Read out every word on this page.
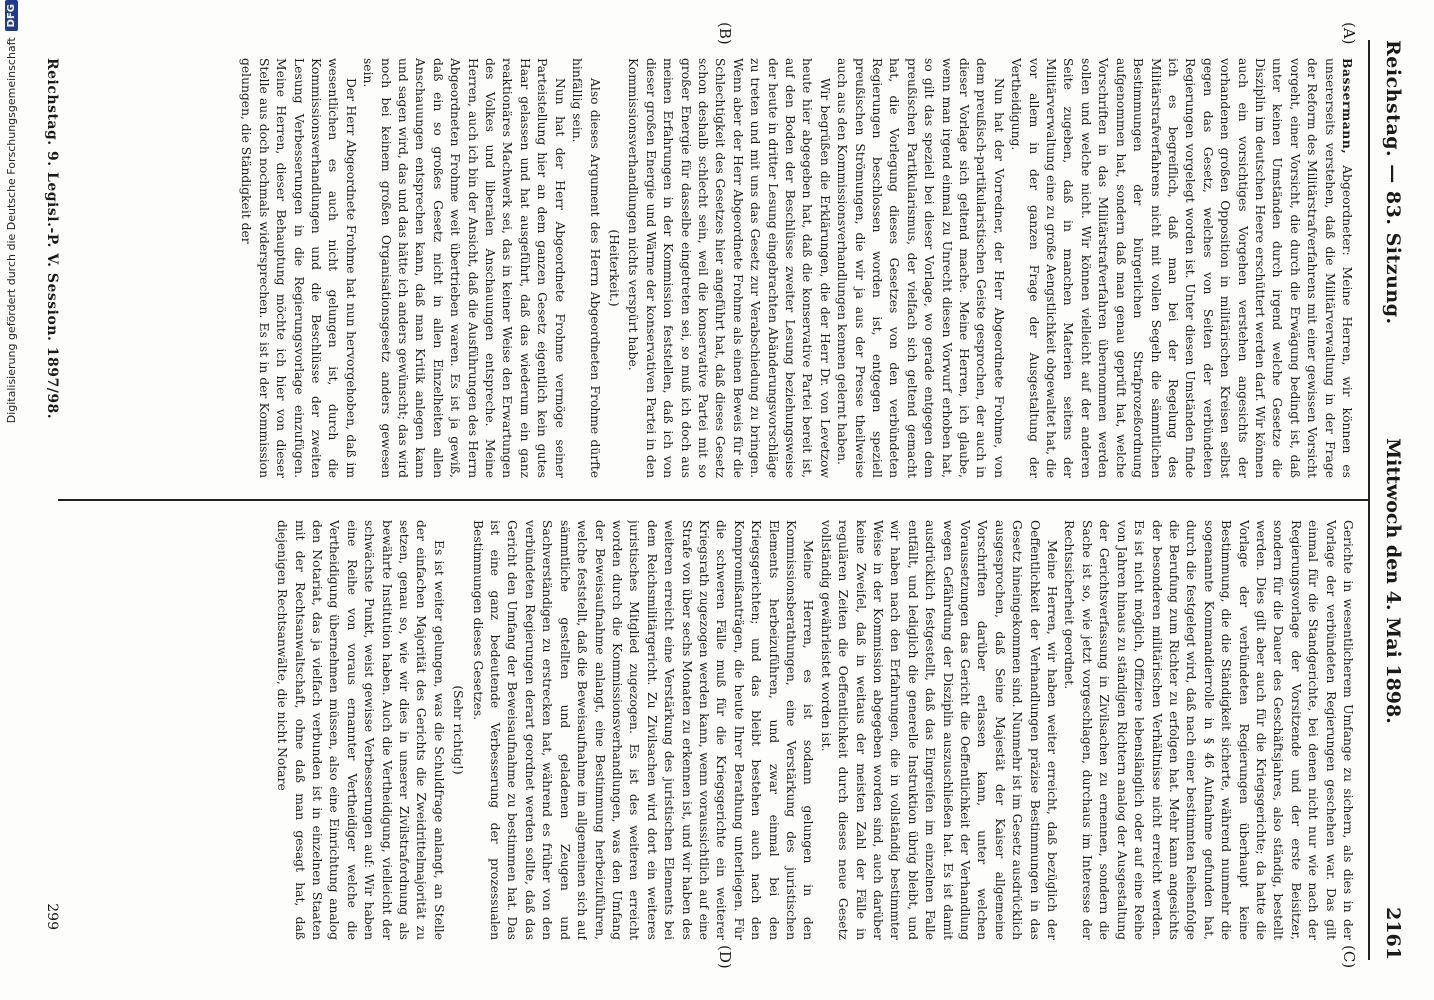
Reichstag. — 83. Sitzung.
Mittwoch den 4. Mai 1898.  2161
(A)
(B)
(C)
(D)

Bassermann, Abgeordneter: Meine Herren, wir können es unsererseits verstehen, daß die Militärverwaltung in der Frage der Reform des Militärstrafverfahrens mit einer gewissen Vorsicht vorgeht, einer Vorsicht, die durch die Erwägung bedingt ist, daß unter keinen Umständen durch irgend welche Gesetze die Disziplin im deutschen Heere erschüttert werden darf. Wir können auch ein vorsichtiges Vorgehen verstehen angesichts der vorhandenen großen Opposition in militärischen Kreisen selbst gegen das Gesetz, welches von Seiten der verbündeten Regierungen vorgelegt worden ist. Unter diesen Umständen finde ich es begreiflich, daß man bei der Regelung des Militärstrafverfahrens nicht mit vollen Segeln die sämmtlichen Bestimmungen der bürgerlichen Strafprozeßordnung aufgenommen hat, sondern daß man genau geprüft hat, welche Vorschriften in das Militärstrafverfahren übernommen werden sollen und welche nicht. Wir können vielleicht auf der anderen Seite zugeben, daß in manchen Materien seitens der Militärverwaltung eine zu große Aengstlichkeit obgewaltet hat, die vor allem in der ganzen Frage der Ausgestaltung der Vertheidigung.

Nun hat der Vorredner, der Herr Abgeordnete Frohme, von dem preußisch-partikularistischen Geiste gesprochen, der auch in dieser Vorlage sich geltend mache. Meine Herren, ich glaube, wenn man irgend einmal zu Unrecht diesen Vorwurf erhoben hat, so gilt das speziell bei dieser Vorlage, wo gerade entgegen dem preußischen Partikularismus, der vielfach sich geltend gemacht hat, die Vorlegung dieses Gesetzes von den verbündeten Regierungen beschlossen worden ist, entgegen speziell preußischen Strömungen, die wir ja aus der Presse theilweise auch aus den Kommissionsverhandlungen kennen gelernt haben.

Wir begrüßen die Erklärungen, die der Herr Dr. von Levetzow heute hier abgegeben hat, daß die konservative Partei bereit ist, auf den Boden der Beschlüsse zweiter Lesung beziehungsweise der heute in dritter Lesung eingebrachten Abänderungsvorschläge zu treten und mit uns das Gesetz zur Verabschiedung zu bringen. Wenn aber der Herr Abgeordnete Frohme als einen Beweis für die Schlechtigkeit des Gesetzes hier angeführt hat, daß dieses Gesetz schon deshalb schlecht sein, weil die konservative Partei mit so großer Energie für dasselbe eingetreten sei, so muß ich doch aus meinen Erfahrungen in der Kommission feststellen, daß ich von dieser großen Energie und Wärme der konservativen Partei in den Kommissionsverhandlungen nichts verspürt habe.

(Heiterkeit.)

Also dieses Argument des Herrn Abgeordneten Frohme dürfte hinfällig sein.

Nun hat der Herr Abgeordnete Frohme vermöge seiner Parteistellung hier an dem ganzen Gesetz eigentlich kein gutes Haar gelassen und hat ausgeführt, daß das wiederum ein ganz reaktionäres Machwerk sei, das in keiner Weise den Erwartungen des Volkes und liberalen Anschauungen entspreche. Meine Herren, auch ich bin der Ansicht, daß die Ausführungen des Herrn Abgeordneten Frohme weit übertrieben waren. Es ist ja gewiß, daß ein so großes Gesetz nicht in allen Einzelheiten allen Anschauungen entsprechen kann, daß man Kritik anlegen kann und sagen wird, das und das hätte ich anders gewünscht; das wird noch bei keinem großen Organisationsgesetz anders gewesen sein.

Der Herr Abgeordnete Frohme hat nun hervorgehoben, daß im wesentlichen es auch nicht gelungen ist, durch die Kommissionsverhandlungen und die Beschlüsse der zweiten Lesung Verbesserungen in die Regierungsvorlage einzufügen. Meine Herren, dieser Behauptung möchte ich hier von dieser Stelle aus doch nochmals widersprechen. Es ist in der Kommission gelungen, die Ständigkeit der

Gerichte in wesentlicherem Umfange zu sichern, als dies in der Vorlage der verbündeten Regierungen geschehen war. Das gilt einmal für die Standgerichte, bei denen nicht nur wie nach der Regierungsvorlage der Vorsitzende und der erste Beisitzer, sondern für die Dauer des Geschäftsjahres, also ständig, bestellt werden. Dies gilt aber auch für die Kriegsgerichte; da hatte die Vorlage der verbündeten Regierungen überhaupt keine Bestimmung, die die Ständigkeit sicherte, während nunmehr die sogenannte Kommandierrolle in § 46 Aufnahme gefunden hat, durch die festgelegt wird, daß nach einer bestimmten Reihenfolge die Berufung zum Richter zu erfolgen hat. Mehr kann angesichts der besonderen militärischen Verhältnisse nicht erreicht werden. Es ist nicht möglich, Offiziere lebenslänglich oder auf eine Reihe von Jahren hinaus zu ständigen Richtern analog der Ausgestaltung der Gerichtsverfassung in Zivilsachen zu ernennen, sondern die Sache ist so, wie jetzt vorgeschlagen, durchaus im Interesse der Rechtssicherheit geordnet.

Meine Herren, wir haben weiter erreicht, daß bezüglich der Oeffentlichkeit der Verhandlungen präzise Bestimmungen in das Gesetz hineingekommen sind. Nunmehr ist im Gesetz ausdrücklich ausgesprochen, daß Seine Majestät der Kaiser allgemeine Vorschriften darüber erlassen kann, unter welchen Voraussetzungen das Gericht die Oeffentlichkeit der Verhandlung wegen Gefährdung der Disziplin auszuschließen hat. Es ist damit ausdrücklich festgestellt, daß das Eingreifen im einzelnen Falle entfällt, und lediglich die generelle Instruktion übrig bleibt, und wir haben nach den Erfahrungen, die in vollständig bestimmter Weise in der Kommission abgegeben worden sind, auch darüber keine Zweifel, daß in weitaus der meisten Zahl der Fälle in regulären Zeiten die Oeffentlichkeit durch dieses neue Gesetz vollständig gewährleistet worden ist.

Meine Herren, es ist sodann gelungen in den Kommissionsberathungen, eine Verstärkung des juristischen Elements herbeizuführen, und zwar einmal bei den Kriegsgerichten; und das bleibt bestehen auch nach den Kompromißanträgen, die heute Ihrer Berathung unterliegen. Für die schweren Fälle muß für die Kriegsgerichte ein weiterer Kriegsrath zugezogen werden kann, wenn voraussichtlich auf eine Strafe von über sechs Monaten zu erkennen ist, und wir haben des weiteren erreicht eine Verstärkung des juristischen Elements bei dem Reichsmilitärgericht. Zu Zivilsachen wird dort ein weiteres juristisches Mitglied zugezogen. Es ist des weiteren erreicht worden durch die Kommissionsverhandlungen, was den Umfang der Beweisaufnahme anlangt, eine Bestimmung herbeizuführen, welche feststellt, daß die Beweisaufnahme im allgemeinen sich auf sämmtliche gestellten und geladenen Zeugen und Sachverständigen zu erstrecken hat, während es früher von den verbündeten Regierungen derart geordnet werden sollte, daß das Gericht den Umfang der Beweisaufnahme zu bestimmen hat. Das ist eine ganz bedeutende Verbesserung der prozessualen Bestimmungen dieses Gesetzes.

(Sehr richtig!)

Es ist weiter gelungen, was die Schuldfrage anlangt, an Stelle der einfachen Majorität des Gerichts die Zweidrittelmajorität zu setzen, genau so, wie wir dies in unserer Zivilstrafordnung als bewährte Institution haben. Auch die Vertheidigung, vielleicht der schwächste Punkt, weist gewisse Verbesserungen auf: Wir haben eine Reihe von voraus ernannter Vertheidiger welche die Vertheidigung übernehmen müssen, also eine Einrichtung analog den Notariat, das ja vielfach verbunden ist in einzelnen Staaten mit der Rechtsanwaltschaft, ohne daß man gesagt hat, daß diejenigen Rechtsanwälte, die nicht Notare

Reichstag. 9. Legisl.-P. V. Session. 1897/98.
299
Digitalisierung gefördert durch die Deutsche Forschungsgemeinschaft
DFG
